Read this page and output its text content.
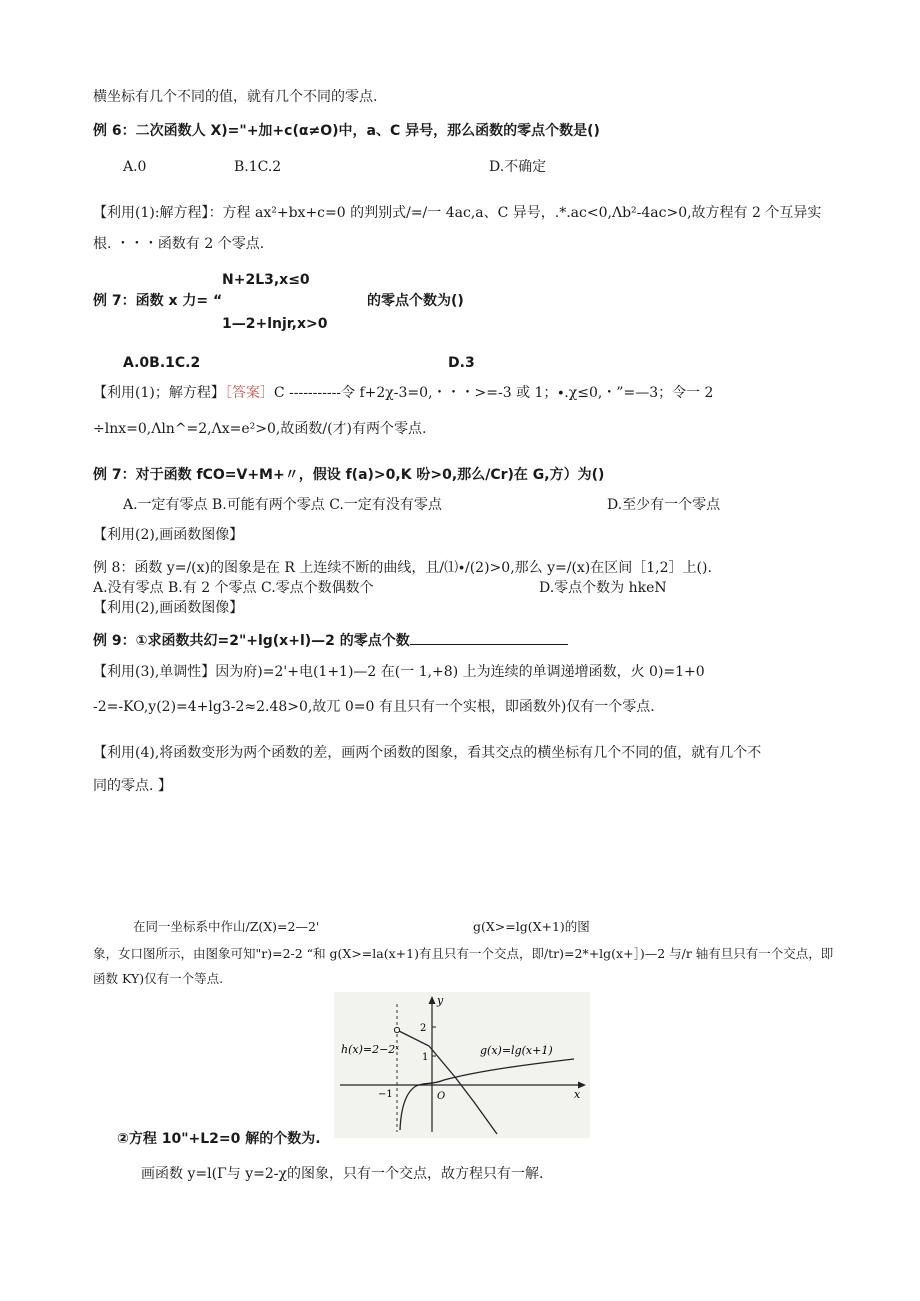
横坐标有几个不同的值，就有几个不同的零点.
例 6：二次函数人 X)="+加+c(α≠O)中，a、C 异号，那么函数的零点个数是()
A.0	B.1C.2	D.不确定
【利用(1):解方程】：方程 ax²+bx+c=0 的判别式/=/一 4ac,a、C 异号，.*.ac<0,Λb²-4ac>0,故方程有 2 个互异实
根. ・・・函数有 2 个零点.
N+2L3,x≤0
例 7：函数 x 力= “	的零点个数为()
1—2+lnjr,x>0
A.0B.1C.2	D.3
【利用(1)；解方程】［答案］C -----------令 f+2χ-3=0,・・・>=-3 或 1；∙.χ≤0,・”=—3；令一 2
÷lnx=0,Λln^=2,Λx=e²>0,故函数/(才)有两个零点.
例 7：对于函数 fCO=V+M+〃，假设 f(a)>0,K 吩>0,那么/Cr)在 G,方）为()
A.一定有零点 B.可能有两个零点 C.一定有没有零点	D.至少有一个零点
【利用(2),画函数图像】
例 8：函数 y=/(x)的图象是在 R 上连续不断的曲线，且/⑴∙/(2)>0,那么 y=/(x)在区间［1,2］上().
A.没有零点 B.有 2 个零点 C.零点个数偶数个	D.零点个数为 hkeN
【利用(2),画函数图像】
例 9：①求函数共幻=2"+lg(x+l)—2 的零点个数
【利用(3),单调性】因为府)=2'+电(1+1)—2 在(一 1,+8) 上为连续的单调递增函数，火 0)=1+0
-2=-KO,y(2)=4+lg3-2≈2.48>0,故兀 0=0 有且只有一个实根，即函数外)仅有一个零点.
【利用(4),将函数变形为两个函数的差，画两个函数的图象，看其交点的横坐标有几个不同的值，就有几个不
同的零点. 】
在同一坐标系中作山/Z(X)=2—2'	g(X>=lg(X+1)的图
象，女口图所示，由图象可知"r)=2-2 “和 g(X>=la(x+1)有且只有一个交点，即∕tr)=2*+lg(x+］)—2 与∕r 轴有旦只有一个交点，即
函数 KY)仅有一个等点.
y
x
2
1
−1	O
h(x)=2−2ˣ	g(x)=lg(x+1)
②方程 10"+L2=0 解的个数为.
画函数 y=l(Γ与 y=2-χ的图象，只有一个交点，故方程只有一解.
